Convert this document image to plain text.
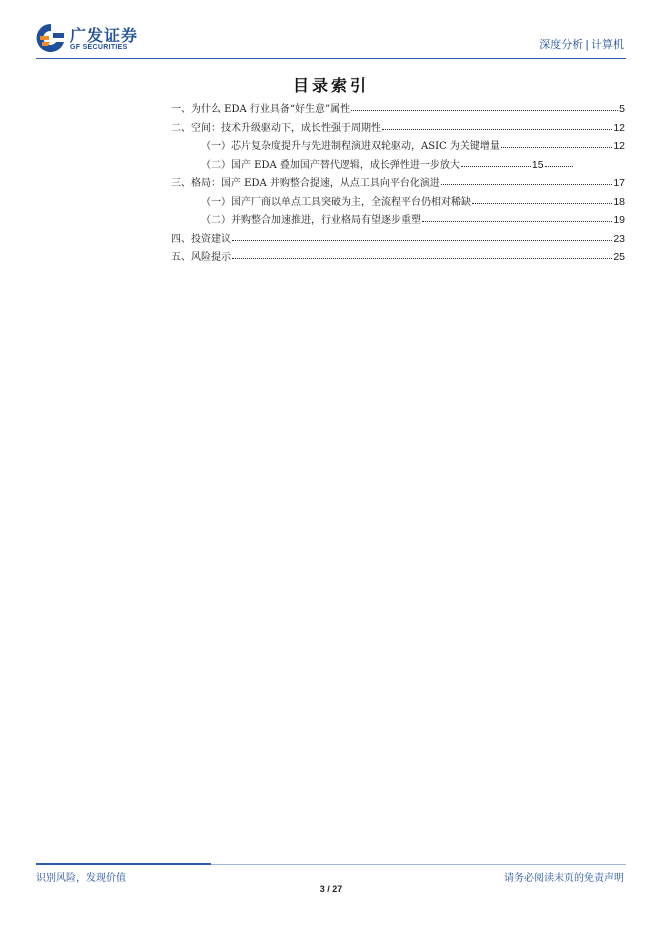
广发证券
GF SECURITIES	深度分析 | 计算机
目录索引
一、为什么 EDA 行业具备“好生意”属性	5
二、空间：技术升级驱动下，成长性强于周期性	12
（一）芯片复杂度提升与先进制程演进双轮驱动，ASIC 为关键增量	12
（二）国产 EDA 叠加国产替代逻辑，成长弹性进一步放大	15
三、格局：国产 EDA 并购整合提速，从点工具向平台化演进	17
（一）国产厂商以单点工具突破为主，全流程平台仍相对稀缺	18
（二）并购整合加速推进，行业格局有望逐步重塑	19
四、投资建议	23
五、风险提示	25
识别风险，发现价值	请务必阅读末页的免责声明
3 / 27
